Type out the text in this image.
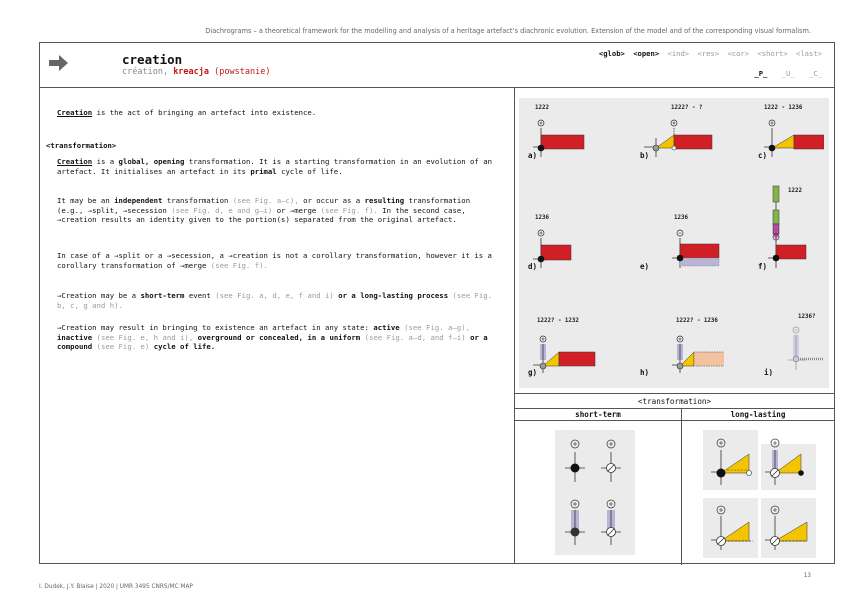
Diachrograms – a theoretical framework for the modelling and analysis of a heritage artefact’s diachronic evolution. Extension of the model and of the corresponding visual formalism.
creation
création, kreacja (powstanie)
<glob> <open> <ind> <res> <cor> <short> <last>
_P_ _U_ _C_
Creation is the act of bringing an artefact into existence.
<transformation>
Creation is a global, opening transformation. It is a starting transformation in an evolution of an artefact. It initialises an artefact in its primal cycle of life.
It may be an independent transformation (see Fig. a–c), or occur as a resulting transformation (e.g., →split, →secession (see Fig. d, e and g–i) or →merge (see Fig. f). In the second case, →creation results an identity given to the portion(s) separated from the original artefact.
In case of a →split or a →secession, a →creation is not a corollary transformation, however it is a corollary transformation of →merge (see Fig. f).
→Creation may be a short-term event (see Fig. a, d, e, f and i) or a long-lasting process (see Fig. b, c, g and h).
→Creation may result in bringing to existence an artefact in any state: active (see Fig. a–g), inactive (see Fig. e, h and i), overground or concealed, in a uniform (see Fig. a–d, and f–i) or a compound (see Fig. e) cycle of life.
1222
a)
1222? - ?
b)
1222 - 1236
c)
1236
d)
1236
e)
1222
f)
1222? - 1232
g)
1222? - 1236
h)
1236?
i)
<transformation>
short-term	long-lasting
13
I. Dudek, J.Y. Blaise | 2020 | UMR 3495 CNRS/MC MAP
